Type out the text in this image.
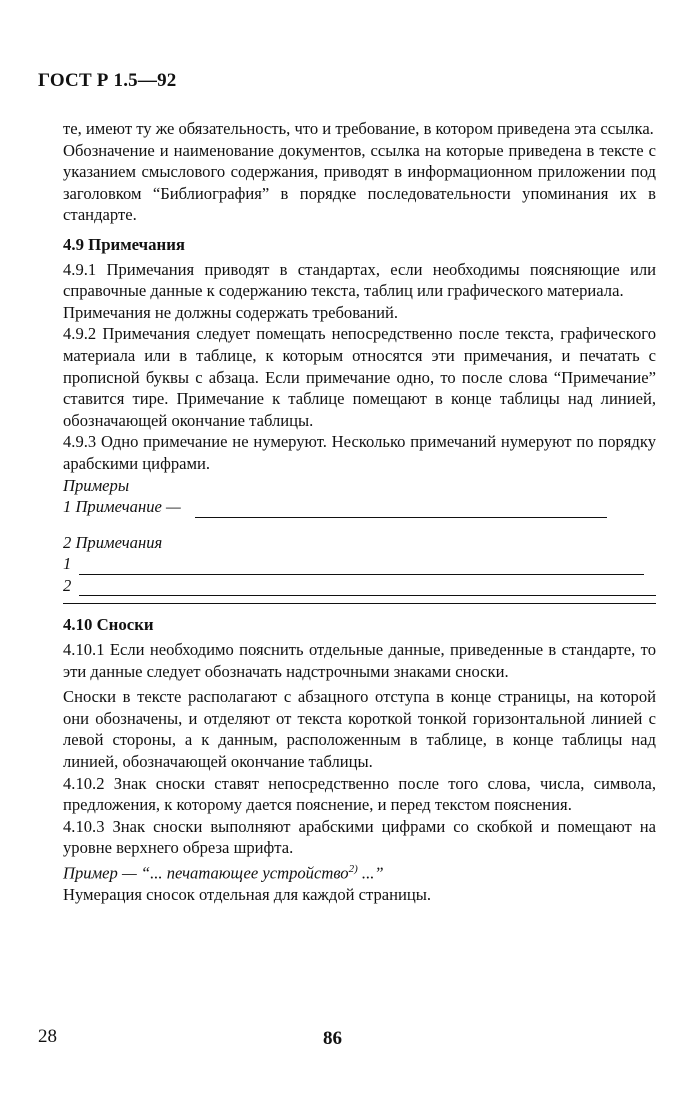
ГОСТ Р 1.5—92

те, имеют ту же обязательность, что и требование, в котором приведена эта ссылка.

Обозначение и наименование документов, ссылка на которые приведена в тексте с указанием смыслового содержания, приводят в информационном приложении под заголовком “Библиография” в порядке последовательности упоминания их в стандарте.

4.9 Примечания

4.9.1 Примечания приводят в стандартах, если необходимы поясняющие или справочные данные к содержанию текста, таблиц или графического материала.

Примечания не должны содержать требований.

4.9.2 Примечания следует помещать непосредственно после текста, графического материала или в таблице, к которым относятся эти примечания, и печатать с прописной буквы с абзаца. Если примечание одно, то после слова “Примечание” ставится тире. Примечание к таблице помещают в конце таблицы над линией, обозначающей окончание таблицы.

4.9.3 Одно примечание не нумеруют. Несколько примечаний нумеруют по порядку арабскими цифрами.

Примеры

1 Примечание —

2 Примечания

1
2

4.10 Сноски

4.10.1 Если необходимо пояснить отдельные данные, приведенные в стандарте, то эти данные следует обозначать надстрочными знаками сноски.

Сноски в тексте располагают с абзацного отступа в конце страницы, на которой они обозначены, и отделяют от текста короткой тонкой горизонтальной линией с левой стороны, а к данным, расположенным в таблице, в конце таблицы над линией, обозначающей окончание таблицы.

4.10.2 Знак сноски ставят непосредственно после того слова, числа, символа, предложения, к которому дается пояснение, и перед текстом пояснения.

4.10.3 Знак сноски выполняют арабскими цифрами со скобкой и помещают на уровне верхнего обреза шрифта.

Пример — “... печатающее устройство$^{2)}$ ...”

Нумерация сносок отдельная для каждой страницы.

28	86
